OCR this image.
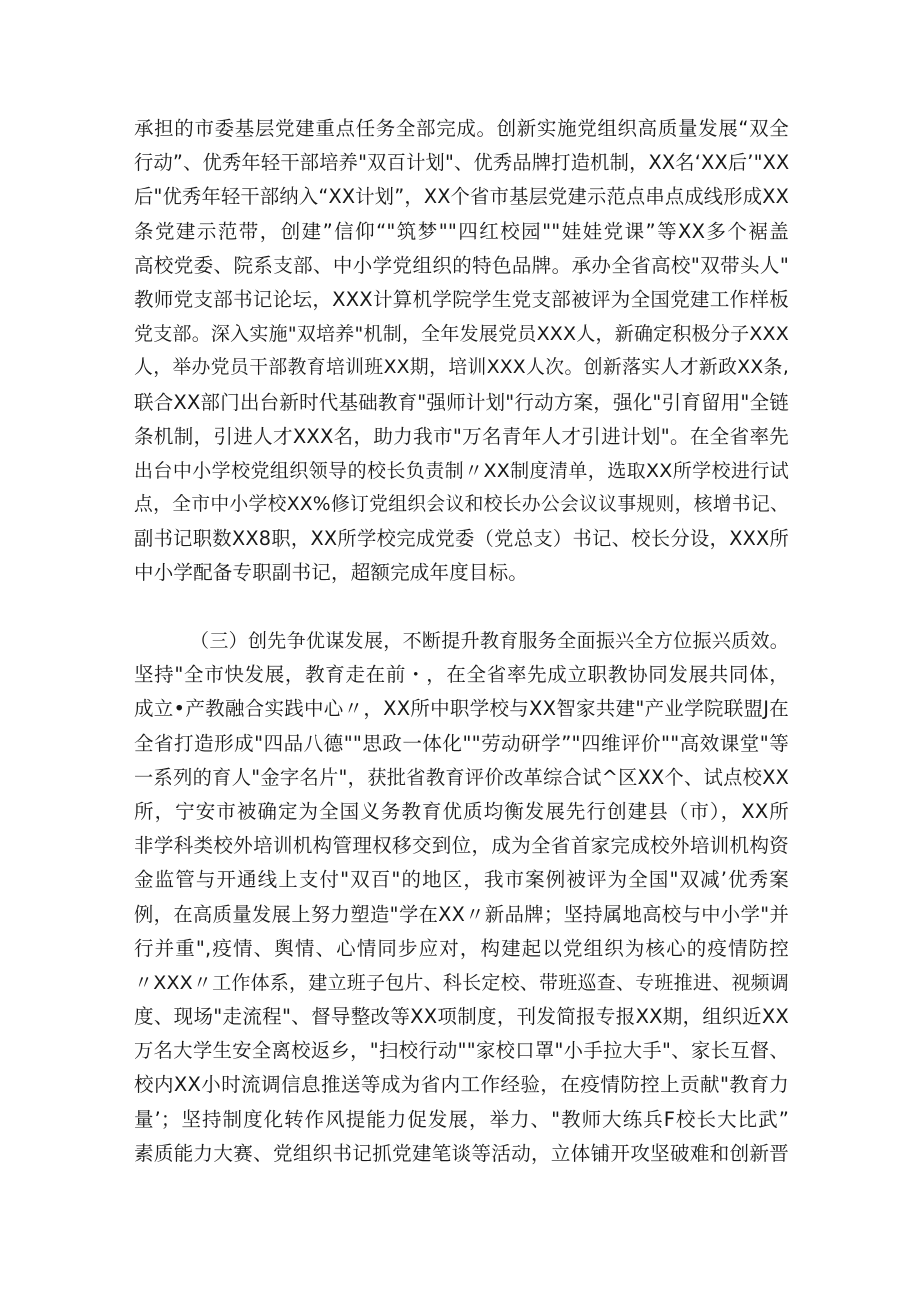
承担的市委基层党建重点任务全部完成。创新实施党组织高质量发展“双全
行动”、优秀年轻干部培养"双百计划"、优秀品牌打造机制，XX名‘XX后’"XX
后"优秀年轻干部纳入“XX计划”，XX个省市基层党建示范点串点成线形成XX
条党建示范带，创建”信仰“"筑梦""四红校园""娃娃党课”等XX多个裾盖
高校党委、院系支部、中小学党组织的特色品牌。承办全省高校"双带头人"
教师党支部书记论坛，XXX计算机学院学生党支部被评为全国党建工作样板
党支部。深入实施"双培养"机制，全年发展党员XXX人，新确定积极分子XXX
人，举办党员干部教育培训班XX期，培训XXX人次。创新落实人才新政XX条,
联合XX部门出台新时代基础教育"强师计划"行动方案，强化"引育留用"全链
条机制，引进人才XXX名，助力我市"万名青年人才引进计划"。在全省率先
出台中小学校党组织领导的校长负责制〃XX制度清单，选取XX所学校进行试
点，全市中小学校XX%修订党组织会议和校长办公会议议事规则，核增书记、
副书记职数XX8职，XX所学校完成党委（党总支）书记、校长分设，XXX所
中小学配备专职副书记，超额完成年度目标。
（三）创先争优谋发展，不断提升教育服务全面振兴全方位振兴质效。
坚持"全市快发展，教育走在前・，在全省率先成立职教协同发展共同体，
成立•产教融合实践中心〃，XX所中职学校与XX智家共建"产业学院联盟J在
全省打造形成"四品八德""思政一体化""劳动研学”"四维评价""高效课堂"等
一系列的育人"金字名片"，获批省教育评价改革综合试^区XX个、试点校XX
所，宁安市被确定为全国义务教育优质均衡发展先行创建县（市），XX所
非学科类校外培训机构管理权移交到位，成为全省首家完成校外培训机构资
金监管与开通线上支付"双百"的地区，我市案例被评为全国"双减’优秀案
例，在高质量发展上努力塑造"学在XX〃新品牌；坚持属地高校与中小学"并
行并重",疫情、舆情、心情同步应对，构建起以党组织为核心的疫情防控
〃XXX〃工作体系，建立班子包片、科长定校、带班巡查、专班推进、视频调
度、现场"走流程"、督导整改等XX项制度，刊发简报专报XX期，组织近XX
万名大学生安全离校返乡，"扫校行动""家校口罩"小手拉大手"、家长互督、
校内XX小时流调信息推送等成为省内工作经验，在疫情防控上贡献"教育力
量’；坚持制度化转作风提能力促发展，举力、"教师大练兵F校长大比武”
素质能力大赛、党组织书记抓党建笔谈等活动，立体铺开攻坚破难和创新晋
